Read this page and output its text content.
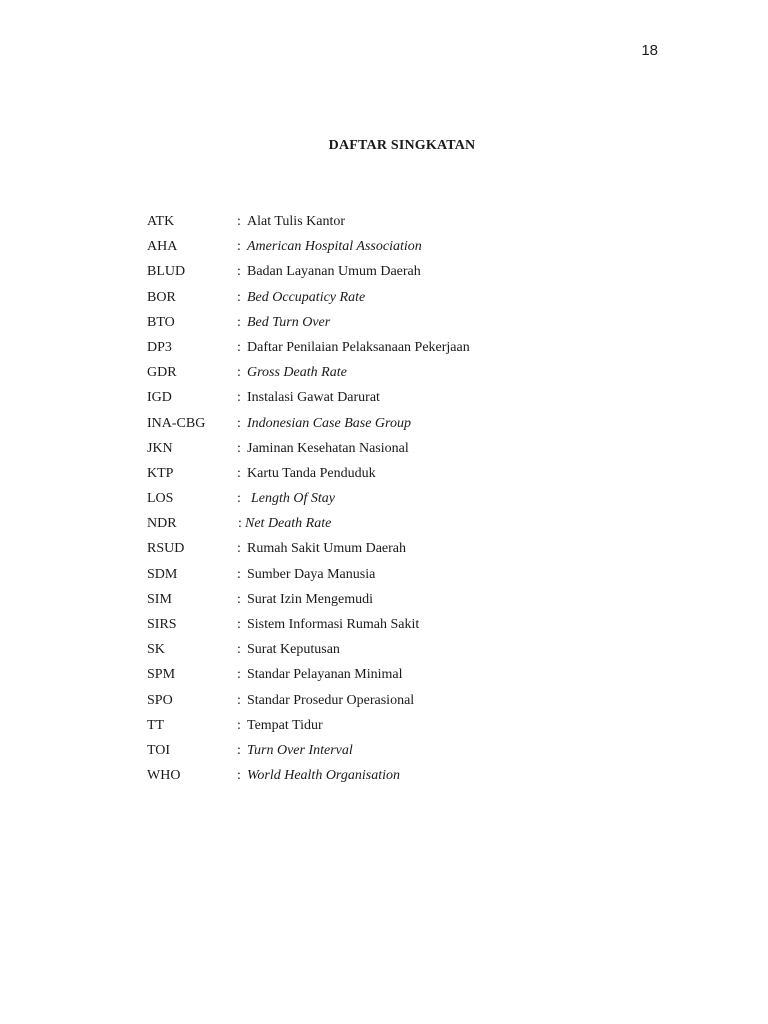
18
DAFTAR SINGKATAN
ATK	: Alat Tulis Kantor
AHA	: American Hospital Association
BLUD	: Badan Layanan Umum Daerah
BOR	: Bed Occupaticy Rate
BTO	: Bed Turn Over
DP3	: Daftar Penilaian Pelaksanaan Pekerjaan
GDR	: Gross Death Rate
IGD	: Instalasi Gawat Darurat
INA-CBG : Indonesian Case Base Group
JKN	: Jaminan Kesehatan Nasional
KTP	: Kartu Tanda Penduduk
LOS	: Length Of Stay
NDR	: Net Death Rate
RSUD	: Rumah Sakit Umum Daerah
SDM	: Sumber Daya Manusia
SIM	: Surat Izin Mengemudi
SIRS	: Sistem Informasi Rumah Sakit
SK	: Surat Keputusan
SPM	: Standar Pelayanan Minimal
SPO	: Standar Prosedur Operasional
TT	: Tempat Tidur
TOI	: Turn Over Interval
WHO	: World Health Organisation
